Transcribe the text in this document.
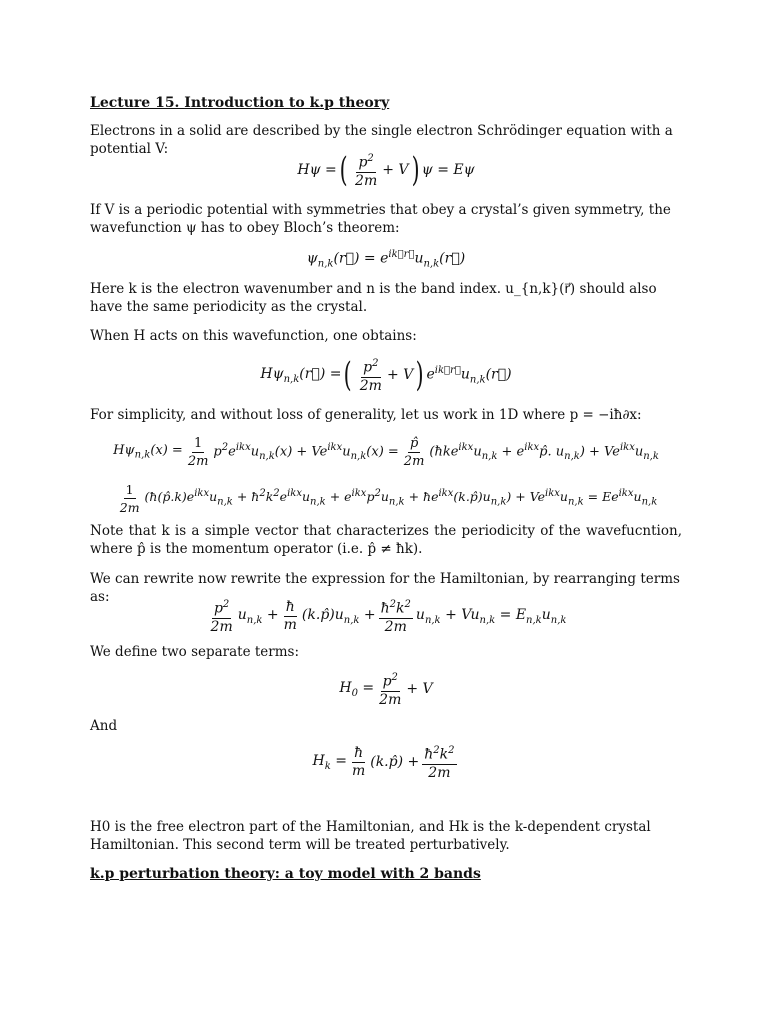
Lecture 15. Introduction to k.p theory

Electrons in a solid are described by the single electron Schrödinger equation with a potential V:

Hψ = ( $\frac{p^2}{2m} + V$ ) ψ = Eψ

If V is a periodic potential with symmetries that obey a crystal’s given symmetry, the wavefunction ψ has to obey Bloch’s theorem:

$\psi_{n,k}(r⃗)$ = $e^{ik⃗r⃗}u_{n,k}(r⃗)$

Here k is the electron wavenumber and n is the band index. u_{n,k}(r⃗) should also have the same periodicity as the crystal.

When H acts on this wavefunction, one obtains:

$H\psi_{n,k}(r⃗)$ = ( $\frac{p^2}{2m} + V$ ) $e^{ik⃗r⃗}u_{n,k}(r⃗)$

For simplicity, and without loss of generality, let us work in 1D where p = −iħ∂x:

$H\psi_{n,k}(x) = \frac{1}{2m} p^2e^{ikx}u_{n,k}(x) + Ve^{ikx}u_{n,k}(x) = \frac{p̂}{2m}$ ($ħke^{ikx}u_{n,k}$ + $e^{ikx}p̂$. $u_{n,k}) + Ve^{ikx}u_{n,k}$
$\frac{1}{2m}$ ($ħ(p̂.k)e^{ikx}u_{n,k}$ + $ħ^2k^2e^{ikx}u_{n,k} + e^{ikx}p^2u_{n,k}$ + $ħe^{ikx}(k.p̂)u_{n,k}) + Ve^{ikx}u_{n,k} = Ee^{ikx}u_{n,k}$

Note that k is a simple vector that characterizes the periodicity of the wavefucntion, where p̂ is the momentum operator (i.e. p̂ ≠ ħk).

We can rewrite now rewrite the expression for the Hamiltonian, by rearranging terms as:	$\frac{p^2}{2m} u_{n,k} + \frac{ħ}{m}$ $(k.p̂)u_{n,k} + \frac{ħ^2k^2}{2m} u_{n,k} + Vu_{n,k} = E_{n,k}u_{n,k}$

We define two separate terms:

$H_0 = \frac{p^2}{2m} + V$

And

$H_k = \frac{ħ}{m}$ (k.p̂) + $\frac{ħ^2k^2}{2m}$

H0 is the free electron part of the Hamiltonian, and Hk is the k-dependent crystal Hamiltonian. This second term will be treated perturbatively.

k.p perturbation theory: a toy model with 2 bands
